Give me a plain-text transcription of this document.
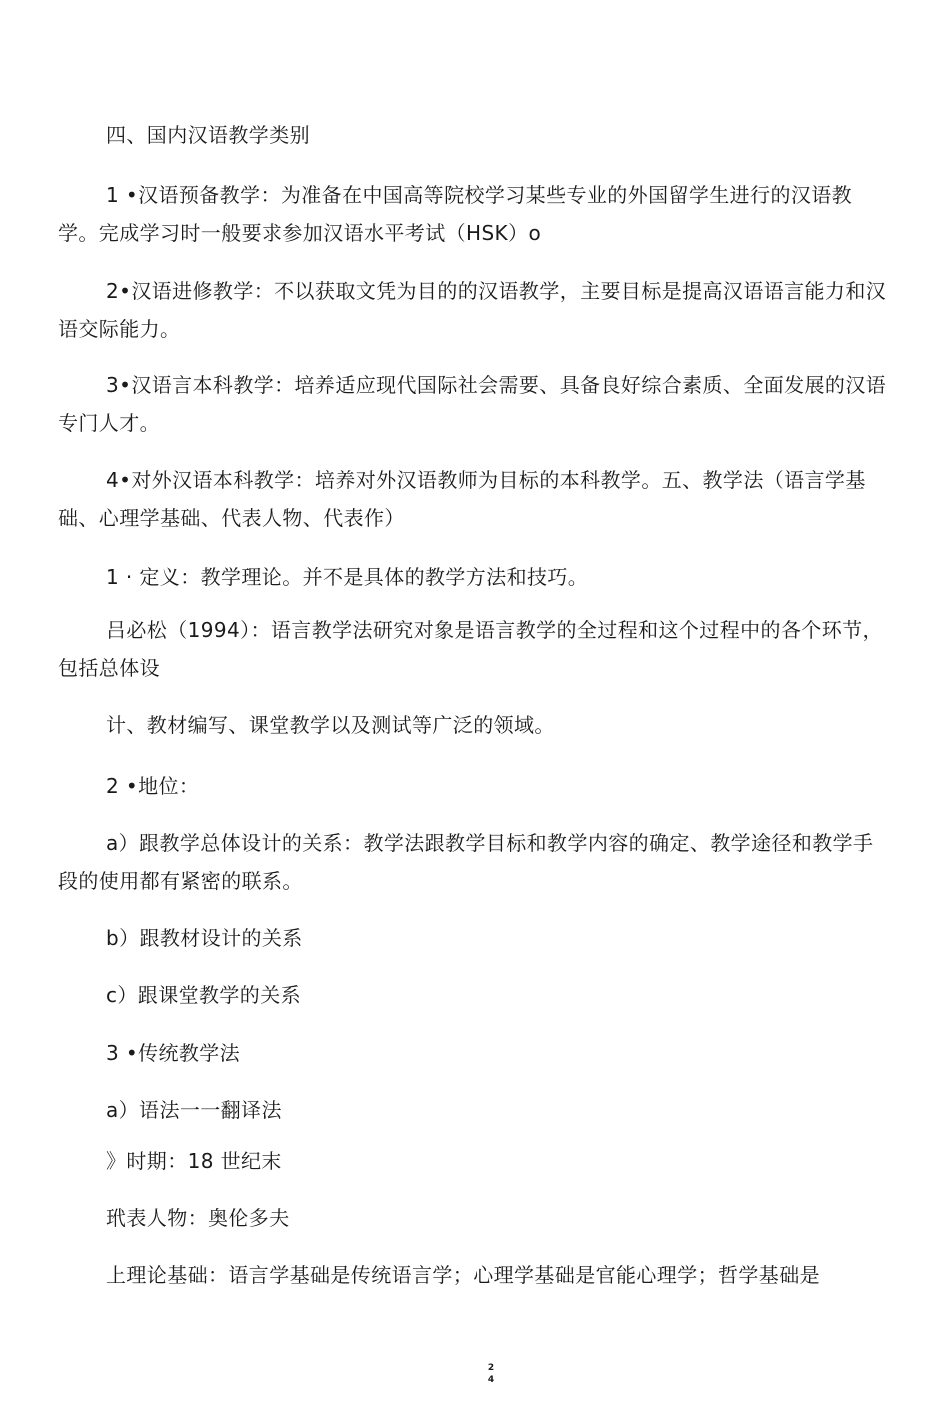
四、国内汉语教学类别

1 •汉语预备教学：为准备在中国高等院校学习某些专业的外国留学生进行的汉语教学。完成学习时一般要求参加汉语水平考试（HSK）o

2•汉语进修教学：不以获取文凭为目的的汉语教学，主要目标是提高汉语语言能力和汉语交际能力。

3•汉语言本科教学：培养适应现代国际社会需要、具备良好综合素质、全面发展的汉语专门人才。

4•对外汉语本科教学：培养对外汉语教师为目标的本科教学。五、教学法（语言学基础、心理学基础、代表人物、代表作）

1 · 定义：教学理论。并不是具体的教学方法和技巧。

吕必松（1994）：语言教学法研究对象是语言教学的全过程和这个过程中的各个环节，包括总体设

计、教材编写、课堂教学以及测试等广泛的领域。

2 •地位：

a）跟教学总体设计的关系：教学法跟教学目标和教学内容的确定、教学途径和教学手段的使用都有紧密的联系。

b）跟教材设计的关系

c）跟课堂教学的关系

3 •传统教学法

a）语法一一翻译法

》时期：18 世纪末

玳表人物：奥伦多夫

上理论基础：语言学基础是传统语言学；心理学基础是官能心理学；哲学基础是

2
4
